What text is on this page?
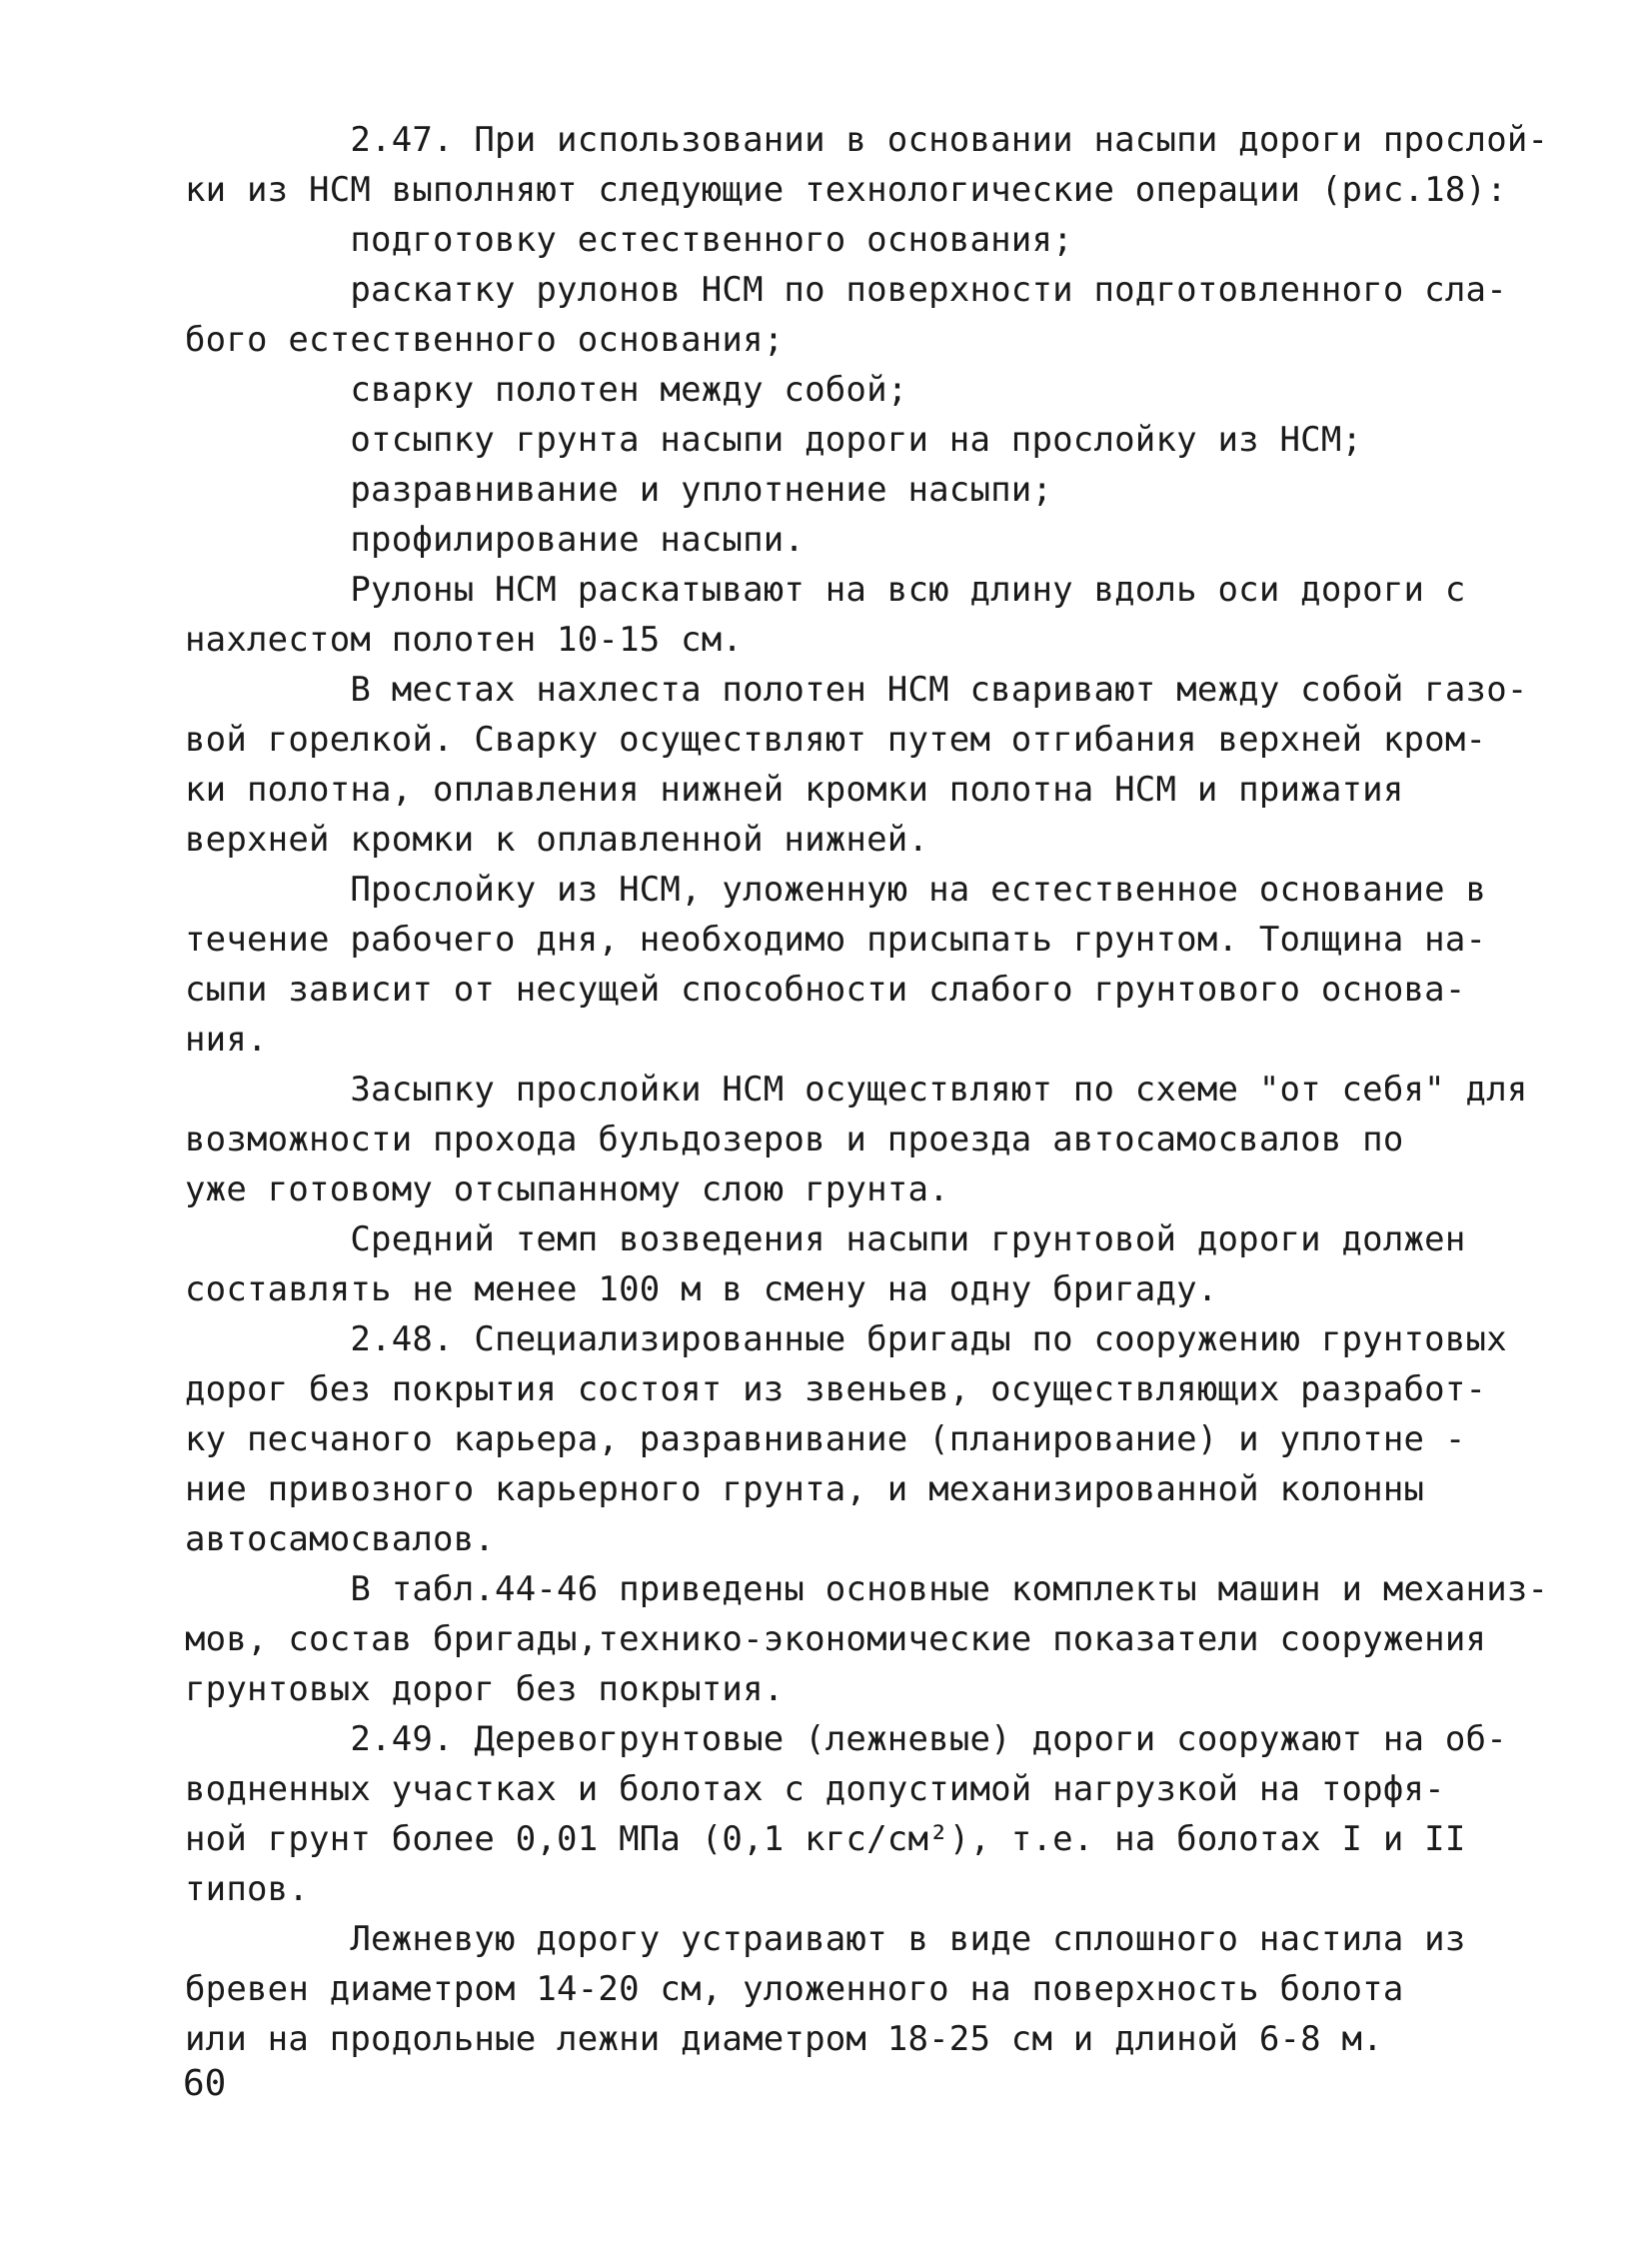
2.47. При использовании в основании насыпи дороги прослой-
ки из НСМ выполняют следующие технологические операции (рис.18):
подготовку естественного основания;
раскатку рулонов НСМ по поверхности подготовленного сла-
бого естественного основания;
сварку полотен между собой;
отсыпку грунта насыпи дороги на прослойку из НСМ;
разравнивание и уплотнение насыпи;
профилирование насыпи.
Рулоны НСМ раскатывают на всю длину вдоль оси дороги с
нахлестом полотен 10-15 см.
В местах нахлеста полотен НСМ сваривают между собой газо-
вой горелкой. Сварку осуществляют путем отгибания верхней кром-
ки полотна, оплавления нижней кромки полотна НСМ и прижатия
верхней кромки к оплавленной нижней.
Прослойку из НСМ, уложенную на естественное основание в
течение рабочего дня, необходимо присыпать грунтом. Толщина на-
сыпи зависит от несущей способности слабого грунтового основа-
ния.
Засыпку прослойки НСМ осуществляют по схеме "от себя" для
возможности прохода бульдозеров и проезда автосамосвалов по
уже готовому отсыпанному слою грунта.
Средний темп возведения насыпи грунтовой дороги должен
составлять не менее 100 м в смену на одну бригаду.
2.48. Специализированные бригады по сооружению грунтовых
дорог без покрытия состоят из звеньев, осуществляющих разработ-
ку песчаного карьера, разравнивание (планирование) и уплотне -
ние привозного карьерного грунта, и механизированной колонны
автосамосвалов.
В табл.44-46 приведены основные комплекты машин и механиз-
мов, состав бригады,технико-экономические показатели сооружения
грунтовых дорог без покрытия.
2.49. Деревогрунтовые (лежневые) дороги сооружают на об-
водненных участках и болотах с допустимой нагрузкой на торфя-
ной грунт более 0,01 МПа (0,1 кгс/см²), т.е. на болотах I и II
типов.
Лежневую дорогу устраивают в виде сплошного настила из
бревен диаметром 14-20 см, уложенного на поверхность болота
или на продольные лежни диаметром 18-25 см и длиной 6-8 м.
60
